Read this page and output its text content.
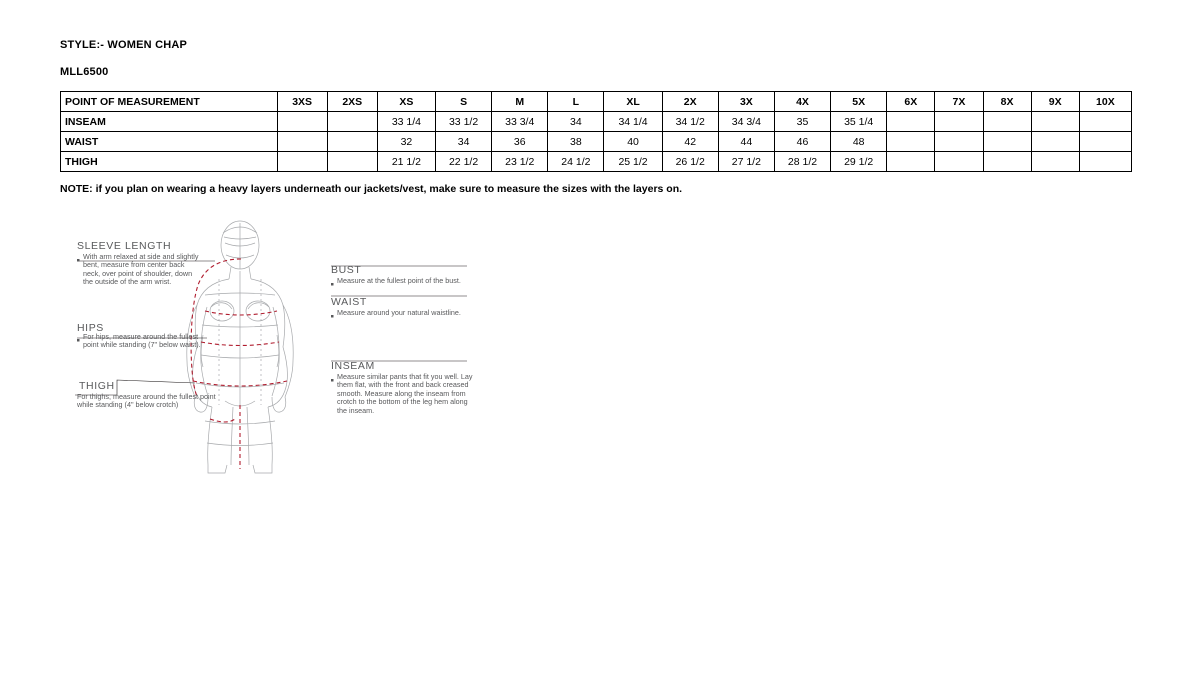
STYLE:- WOMEN CHAP
MLL6500
POINT OF MEASUREMENT	3XS	2XS	XS	S	M	L	XL	2X	3X	4X	5X	6X	7X	8X	9X	10X
INSEAM			33 1/4	33 1/2	33 3/4	34	34 1/4	34 1/2	34 3/4	35	35 1/4					
WAIST			32	34	36	38	40	42	44	46	48					
THIGH			21 1/2	22 1/2	23 1/2	24 1/2	25 1/2	26 1/2	27 1/2	28 1/2	29 1/2					
NOTE: if you plan on wearing a heavy layers underneath our jackets/vest, make sure to measure the sizes with the layers on.
SLEEVE LENGTH
With arm relaxed at side and slightly bent, measure from center back neck, over point of shoulder, down the outside of the arm wrist.
HIPS
For hips, measure around the fullest point while standing (7" below waist).
THIGH
For thighs, measure around the fullest point while standing (4" below crotch)
BUST
Measure at the fullest point of the bust.
WAIST
Measure around your natural waistline.
INSEAM
Measure similar pants that fit you well. Lay them flat, with the front and back creased smooth. Measure along the inseam from crotch to the bottom of the leg hem along the inseam.
